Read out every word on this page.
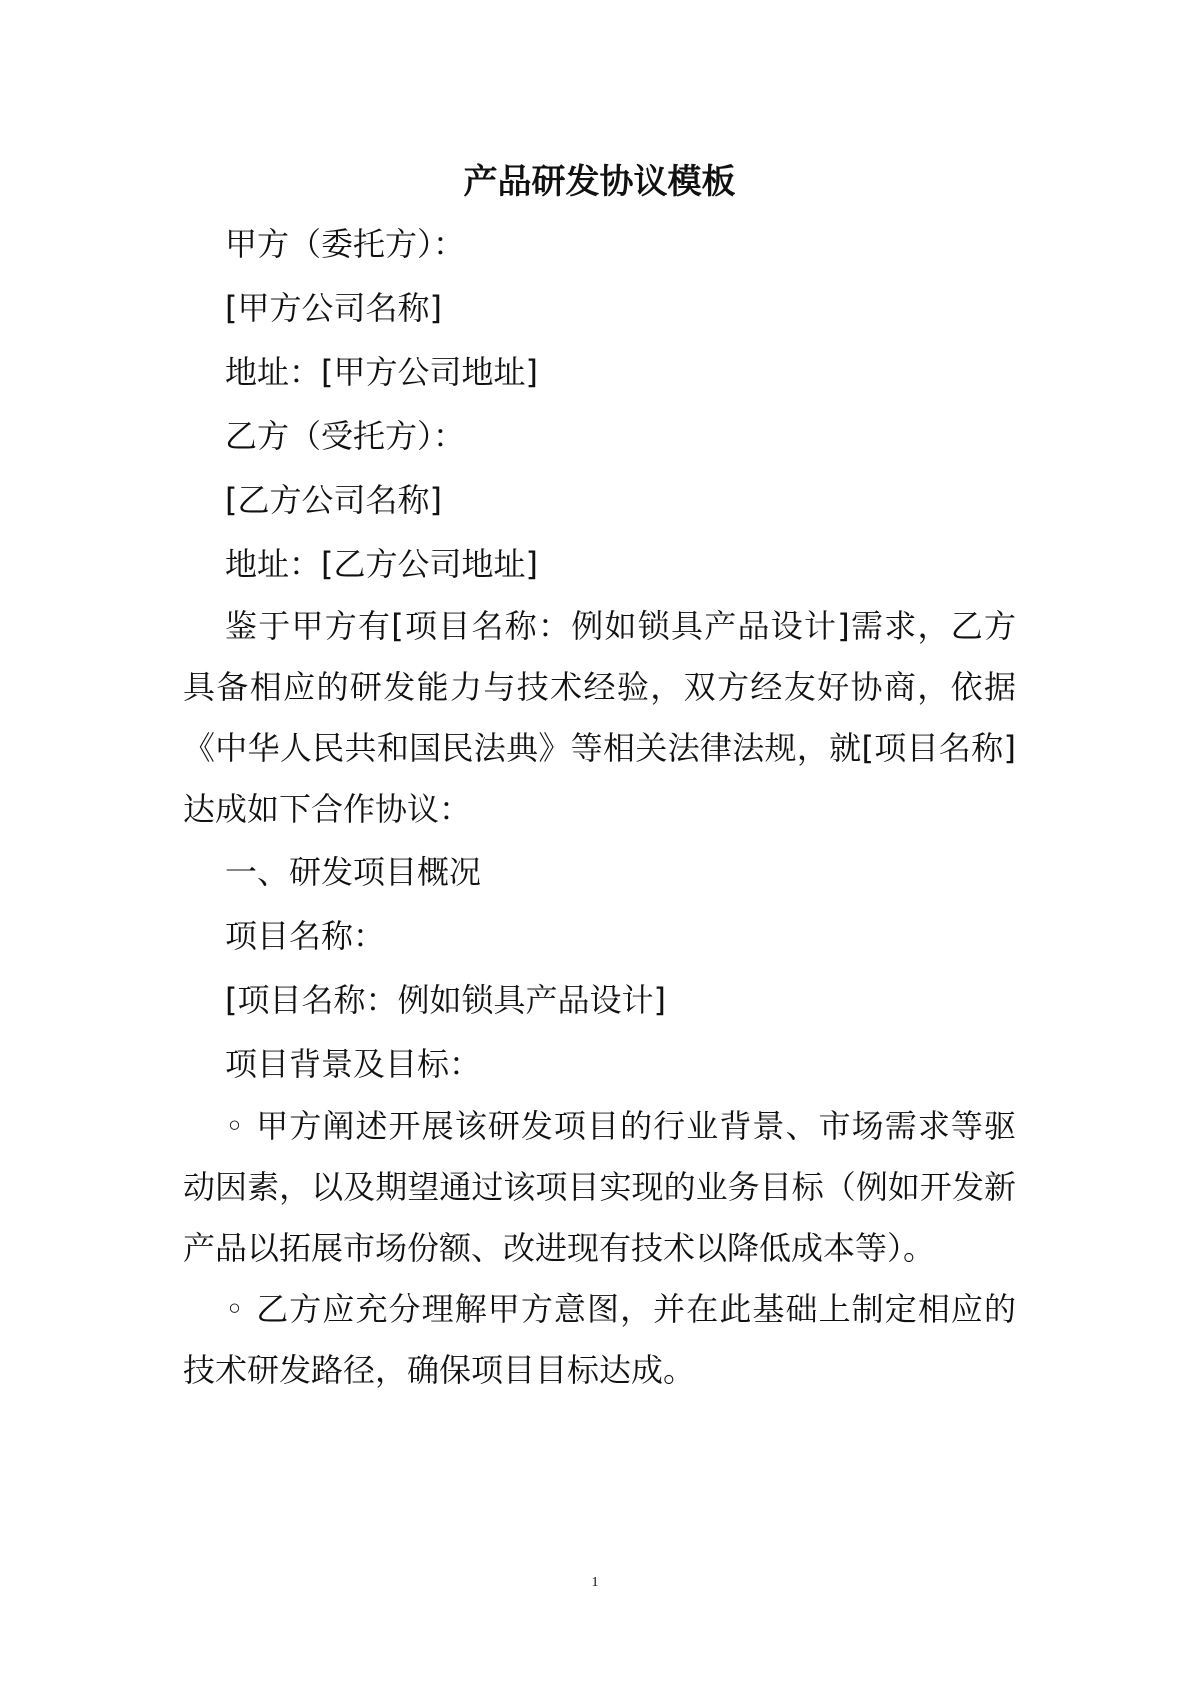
产品研发协议模板
甲方（委托方）：
[甲方公司名称]
地址：[甲方公司地址]
乙方（受托方）：
[乙方公司名称]
地址：[乙方公司地址]

鉴于甲方有[项目名称：例如锁具产品设计]需求，乙方具备相应的研发能力与技术经验，双方经友好协商，依据《中华人民共和国民法典》等相关法律法规，就[项目名称]达成如下合作协议：

一、研发项目概况
项目名称：
[项目名称：例如锁具产品设计]
项目背景及目标：

◦ 甲方阐述开展该研发项目的行业背景、市场需求等驱动因素，以及期望通过该项目实现的业务目标（例如开发新产品以拓展市场份额、改进现有技术以降低成本等）。

◦ 乙方应充分理解甲方意图，并在此基础上制定相应的技术研发路径，确保项目目标达成。

1
